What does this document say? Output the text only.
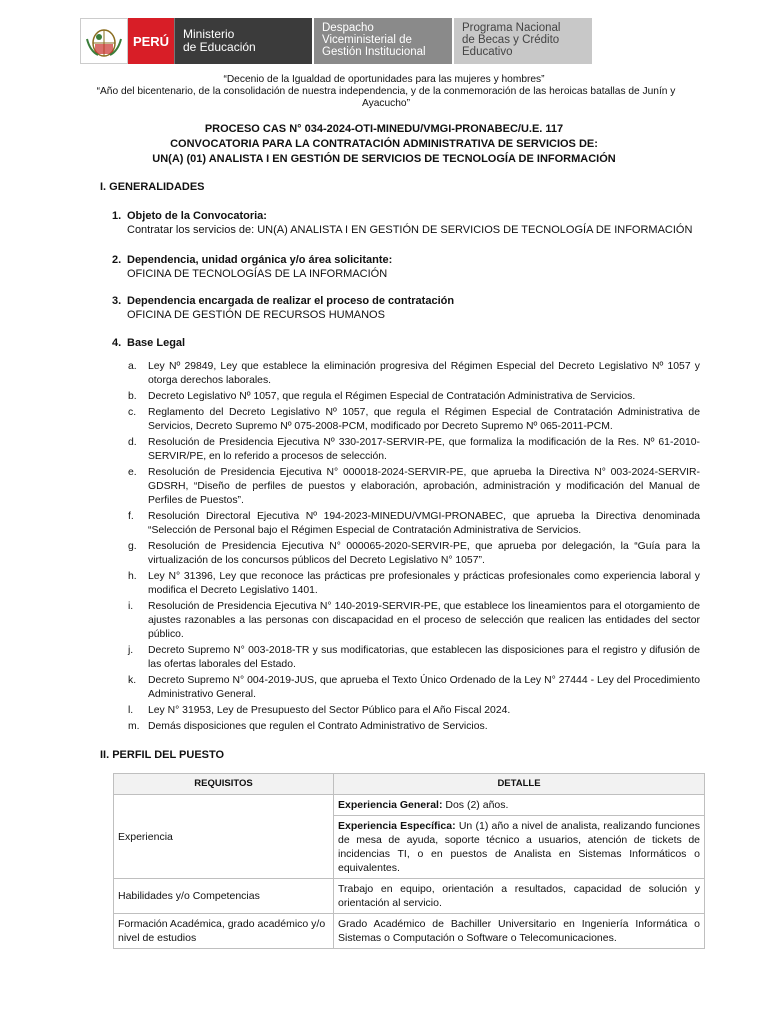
PERÚ	Ministerio
de Educación
Despacho
Viceministerial de
Gestión Institucional
Programa Nacional
de Becas y Crédito
Educativo
“Decenio de la Igualdad de oportunidades para las mujeres y hombres”
“Año del bicentenario, de la consolidación de nuestra independencia, y de la conmemoración de las heroicas batallas de Junín y Ayacucho”
PROCESO CAS N° 034-2024-OTI-MINEDU/VMGI-PRONABEC/U.E. 117
CONVOCATORIA PARA LA CONTRATACIÓN ADMINISTRATIVA DE SERVICIOS DE:
UN(A) (01) ANALISTA I EN GESTIÓN DE SERVICIOS DE TECNOLOGÍA DE INFORMACIÓN
I. GENERALIDADES
1. Objeto de la Convocatoria:
Contratar los servicios de: UN(A) ANALISTA I EN GESTIÓN DE SERVICIOS DE TECNOLOGÍA DE INFORMACIÓN
2. Dependencia, unidad orgánica y/o área solicitante:
OFICINA DE TECNOLOGÍAS DE LA INFORMACIÓN
3. Dependencia encargada de realizar el proceso de contratación
OFICINA DE GESTIÓN DE RECURSOS HUMANOS
4. Base Legal
a. Ley Nº 29849, Ley que establece la eliminación progresiva del Régimen Especial del Decreto Legislativo Nº 1057 y otorga derechos laborales.
b. Decreto Legislativo Nº 1057, que regula el Régimen Especial de Contratación Administrativa de Servicios.
c. Reglamento del Decreto Legislativo Nº 1057, que regula el Régimen Especial de Contratación Administrativa de Servicios, Decreto Supremo Nº 075-2008-PCM, modificado por Decreto Supremo Nº 065-2011-PCM.
d. Resolución de Presidencia Ejecutiva Nº 330-2017-SERVIR-PE, que formaliza la modificación de la Res. Nº 61-2010-SERVIR/PE, en lo referido a procesos de selección.
e. Resolución de Presidencia Ejecutiva N° 000018-2024-SERVIR-PE, que aprueba la Directiva N° 003-2024-SERVIR-GDSRH, “Diseño de perfiles de puestos y elaboración, aprobación, administración y modificación del Manual de Perfiles de Puestos”.
f. Resolución Directoral Ejecutiva Nº 194-2023-MINEDU/VMGI-PRONABEC, que aprueba la Directiva denominada “Selección de Personal bajo el Régimen Especial de Contratación Administrativa de Servicios.
g. Resolución de Presidencia Ejecutiva N° 000065-2020-SERVIR-PE, que aprueba por delegación, la “Guía para la virtualización de los concursos públicos del Decreto Legislativo N° 1057”.
h. Ley N° 31396, Ley que reconoce las prácticas pre profesionales y prácticas profesionales como experiencia laboral y modifica el Decreto Legislativo 1401.
i. Resolución de Presidencia Ejecutiva N° 140-2019-SERVIR-PE, que establece los lineamientos para el otorgamiento de ajustes razonables a las personas con discapacidad en el proceso de selección que realicen las entidades del sector público.
j. Decreto Supremo N° 003-2018-TR y sus modificatorias, que establecen las disposiciones para el registro y difusión de las ofertas laborales del Estado.
k. Decreto Supremo N° 004-2019-JUS, que aprueba el Texto Único Ordenado de la Ley N° 27444 - Ley del Procedimiento Administrativo General.
l. Ley N° 31953, Ley de Presupuesto del Sector Público para el Año Fiscal 2024.
m. Demás disposiciones que regulen el Contrato Administrativo de Servicios.
II. PERFIL DEL PUESTO
REQUISITOS	DETALLE
Experiencia	Experiencia General: Dos (2) años.
	Experiencia Específica: Un (1) año a nivel de analista, realizando funciones de mesa de ayuda, soporte técnico a usuarios, atención de tickets de incidencias TI, o en puestos de Analista en Sistemas Informáticos o equivalentes.
Habilidades y/o Competencias	Trabajo en equipo, orientación a resultados, capacidad de solución y orientación al servicio.
Formación Académica, grado académico y/o nivel de estudios	Grado Académico de Bachiller Universitario en Ingeniería Informática o Sistemas o Computación o Software o Telecomunicaciones.
